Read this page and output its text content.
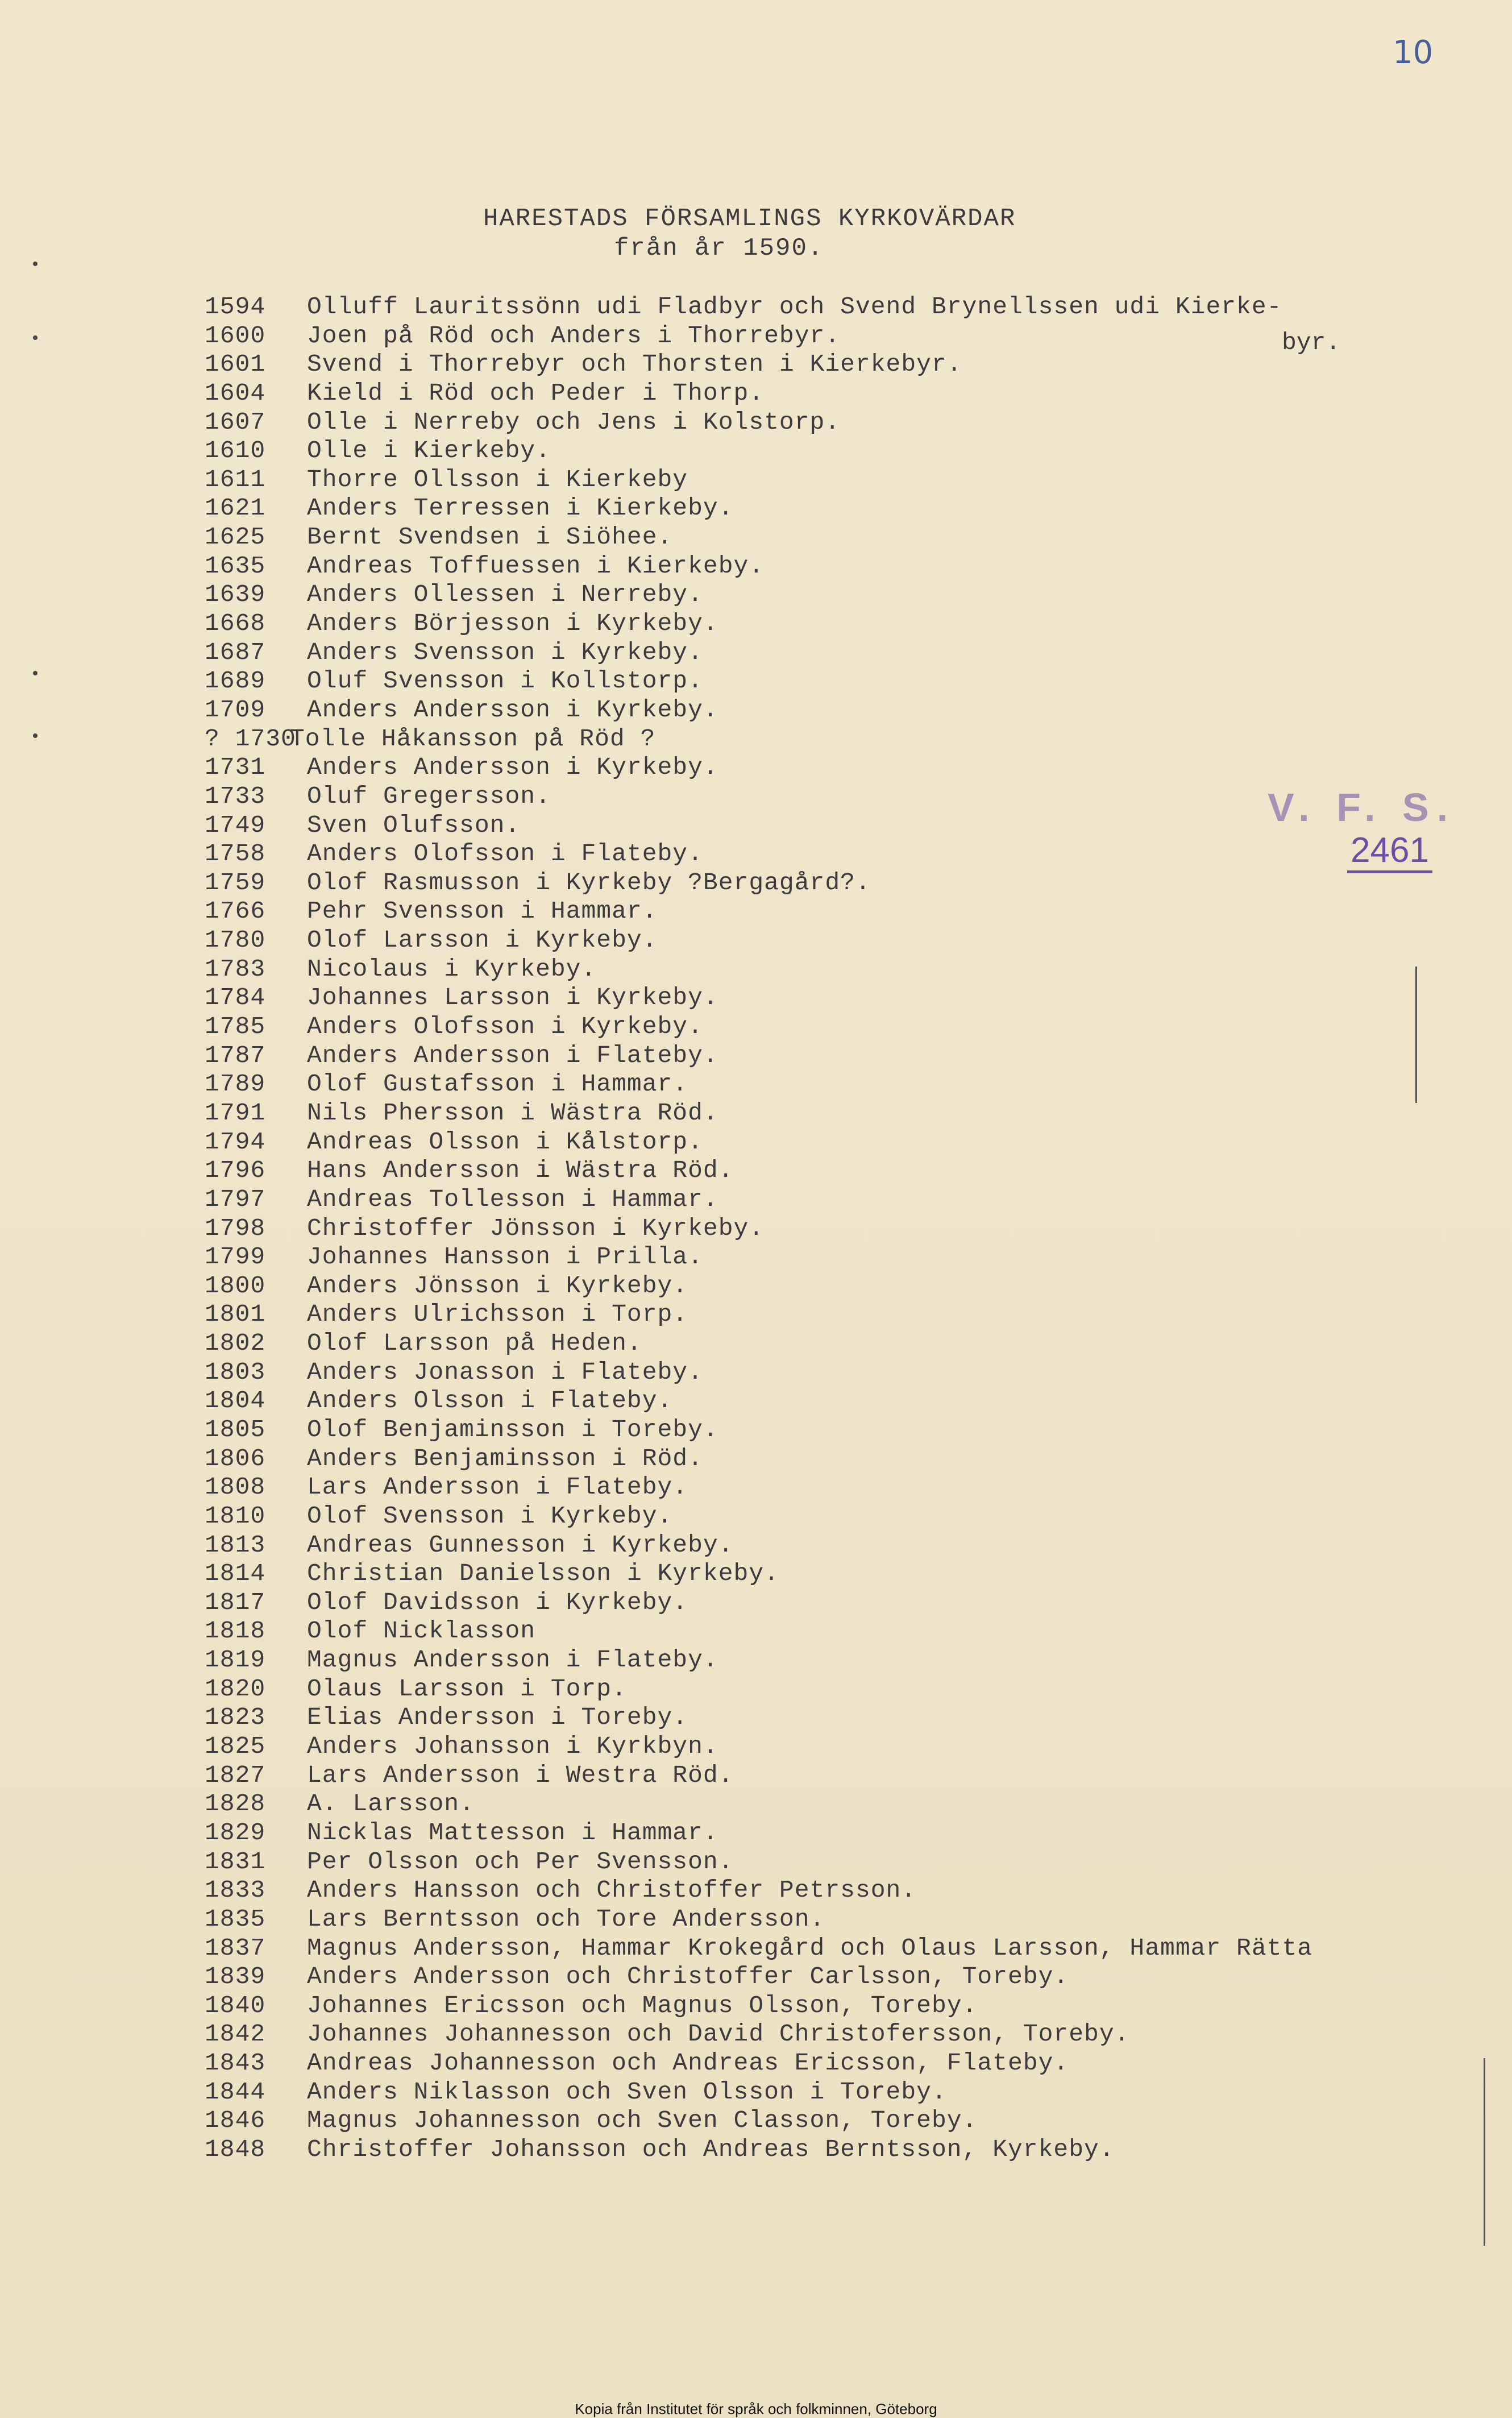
10
HARESTADS FÖRSAMLINGS KYRKOVÄRDAR
från år 1590.
byr.
1594 Olluff Lauritssönn udi Fladbyr och Svend Brynellssen udi Kierke-
1600 Joen på Röd och Anders i Thorrebyr.
1601 Svend i Thorrebyr och Thorsten i Kierkebyr.
1604 Kield i Röd och Peder i Thorp.
1607 Olle i Nerreby och Jens i Kolstorp.
1610 Olle i Kierkeby.
1611 Thorre Ollsson i Kierkeby
1621 Anders Terressen i Kierkeby.
1625 Bernt Svendsen i Siöhee.
1635 Andreas Toffuessen i Kierkeby.
1639 Anders Ollessen i Nerreby.
1668 Anders Börjesson i Kyrkeby.
1687 Anders Svensson i Kyrkeby.
1689 Oluf Svensson i Kollstorp.
1709 Anders Andersson i Kyrkeby.
? 1730Tolle Håkansson på Röd ?
1731 Anders Andersson i Kyrkeby.
1733 Oluf Gregersson.
1749 Sven Olufsson.
1758 Anders Olofsson i Flateby.
1759 Olof Rasmusson i Kyrkeby ?Bergagård?.
1766 Pehr Svensson i Hammar.
1780 Olof Larsson i Kyrkeby.
1783 Nicolaus i Kyrkeby.
1784 Johannes Larsson i Kyrkeby.
1785 Anders Olofsson i Kyrkeby.
1787 Anders Andersson i Flateby.
1789 Olof Gustafsson i Hammar.
1791 Nils Phersson i Wästra Röd.
1794 Andreas Olsson i Kålstorp.
1796 Hans Andersson i Wästra Röd.
1797 Andreas Tollesson i Hammar.
1798 Christoffer Jönsson i Kyrkeby.
1799 Johannes Hansson i Prilla.
1800 Anders Jönsson i Kyrkeby.
1801 Anders Ulrichsson i Torp.
1802 Olof Larsson på Heden.
1803 Anders Jonasson i Flateby.
1804 Anders Olsson i Flateby.
1805 Olof Benjaminsson i Toreby.
1806 Anders Benjaminsson i Röd.
1808 Lars Andersson i Flateby.
1810 Olof Svensson i Kyrkeby.
1813 Andreas Gunnesson i Kyrkeby.
1814 Christian Danielsson i Kyrkeby.
1817 Olof Davidsson i Kyrkeby.
1818 Olof Nicklasson
1819 Magnus Andersson i Flateby.
1820 Olaus Larsson i Torp.
1823 Elias Andersson i Toreby.
1825 Anders Johansson i Kyrkbyn.
1827 Lars Andersson i Westra Röd.
1828 A. Larsson.
1829 Nicklas Mattesson i Hammar.
1831 Per Olsson och Per Svensson.
1833 Anders Hansson och Christoffer Petrsson.
1835 Lars Berntsson och Tore Andersson.
1837 Magnus Andersson, Hammar Krokegård och Olaus Larsson, Hammar Rätta
1839 Anders Andersson och Christoffer Carlsson, Toreby.
1840 Johannes Ericsson och Magnus Olsson, Toreby.
1842 Johannes Johannesson och David Christofersson, Toreby.
1843 Andreas Johannesson och Andreas Ericsson, Flateby.
1844 Anders Niklasson och Sven Olsson i Toreby.
1846 Magnus Johannesson och Sven Classon, Toreby.
1848 Christoffer Johansson och Andreas Berntsson, Kyrkeby.
V. F. S.
2461
Kopia från Institutet för språk och folkminnen, Göteborg
